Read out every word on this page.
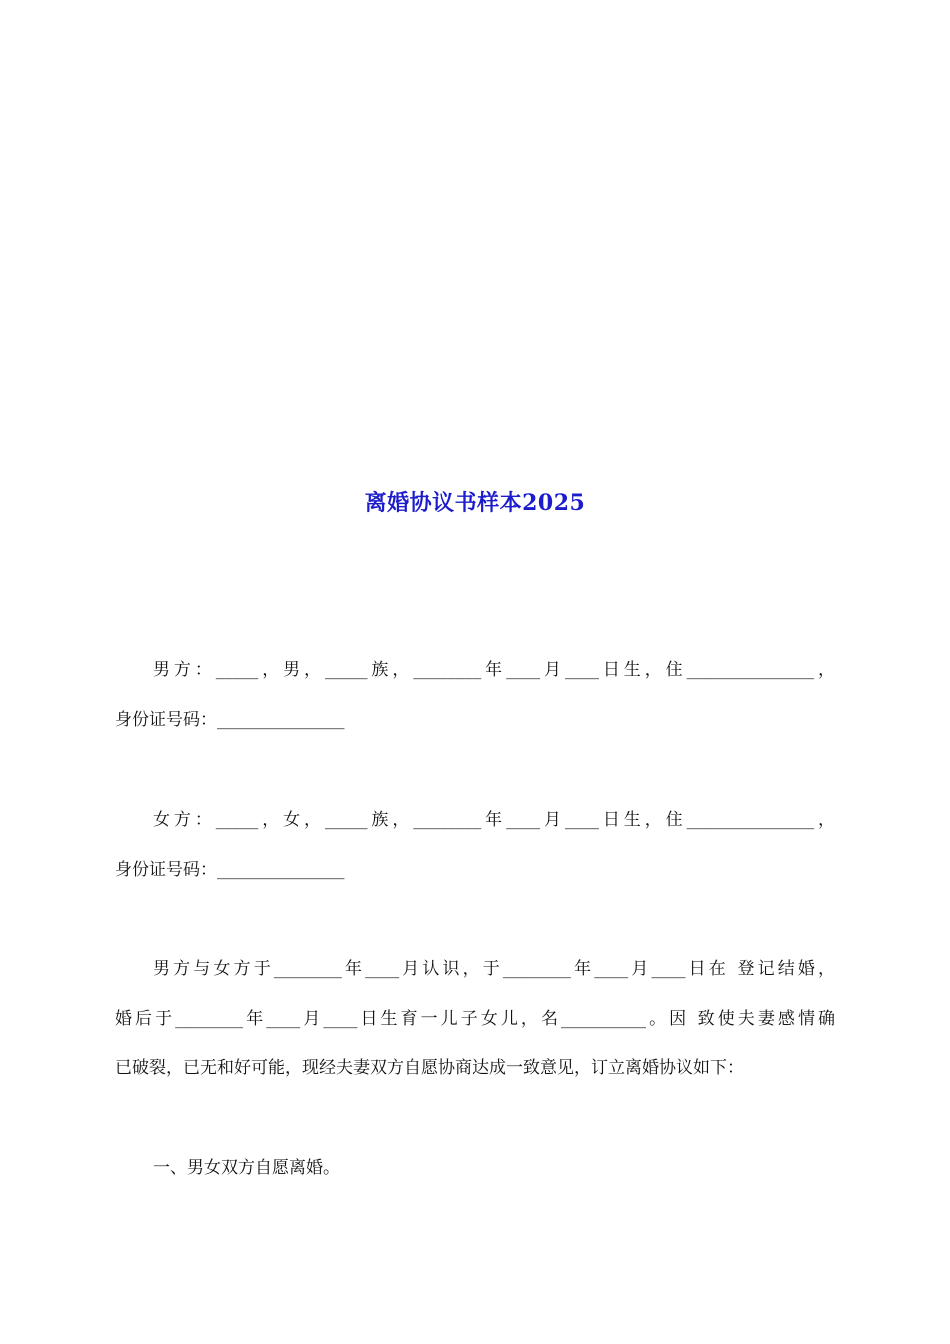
离婚协议书样本2025
男方：_____，男，_____族，________年____月____日生，住_______________，
身份证号码：_______________
女方：_____，女，_____族，________年____月____日生，住_______________，
身份证号码：_______________
男方与女方于________年____月认识，于________年____月____日在 登记结婚，
婚后于________年____月____日生育一儿子女儿，名__________。因 致使夫妻感情确
已破裂，已无和好可能，现经夫妻双方自愿协商达成一致意见，订立离婚协议如下：
一、男女双方自愿离婚。
